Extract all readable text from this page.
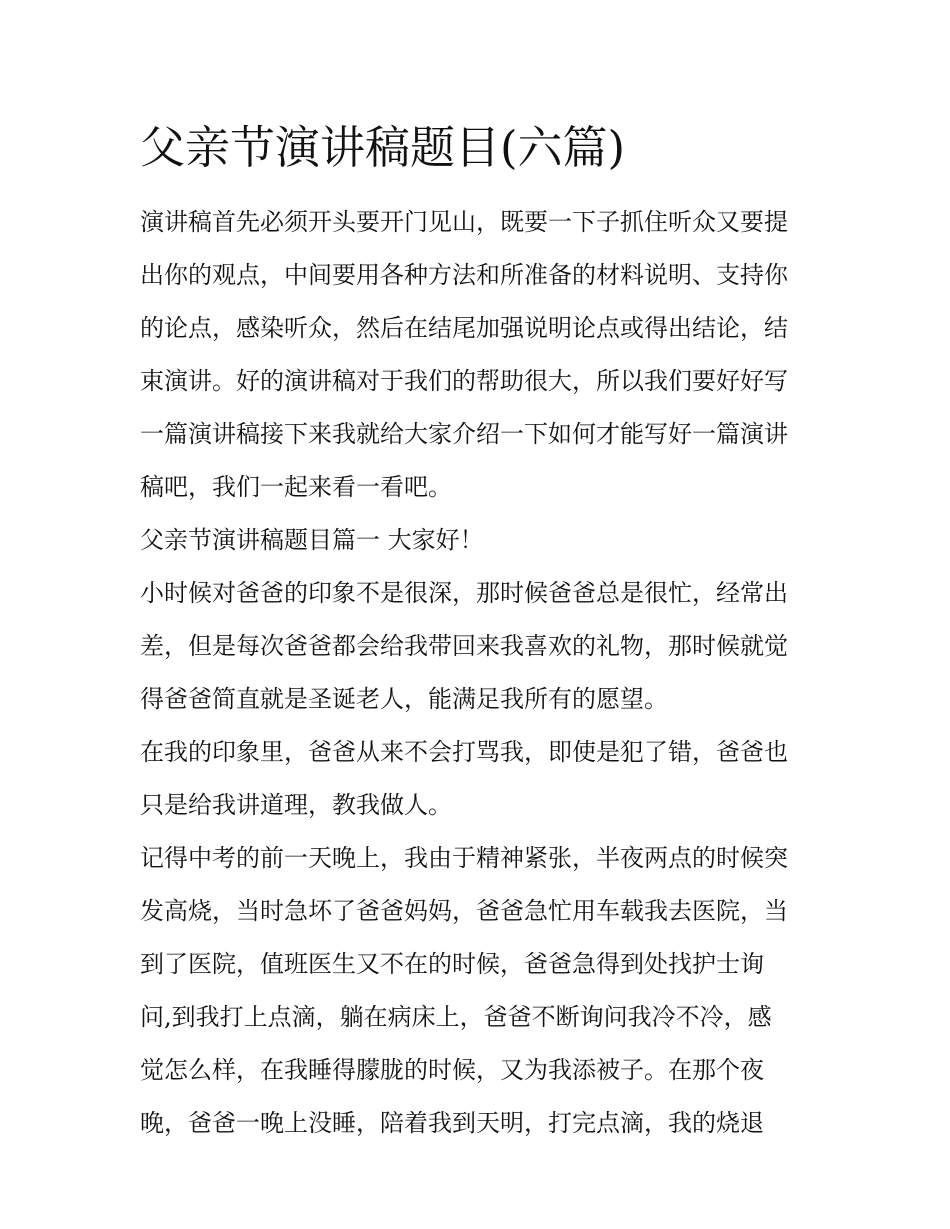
父亲节演讲稿题目(六篇)
演讲稿首先必须开头要开门见山，既要一下子抓住听众又要提
出你的观点，中间要用各种方法和所准备的材料说明、支持你
的论点，感染听众，然后在结尾加强说明论点或得出结论，结
束演讲。好的演讲稿对于我们的帮助很大，所以我们要好好写
一篇演讲稿接下来我就给大家介绍一下如何才能写好一篇演讲
稿吧，我们一起来看一看吧。
父亲节演讲稿题目篇一 大家好！
小时候对爸爸的印象不是很深，那时候爸爸总是很忙，经常出
差，但是每次爸爸都会给我带回来我喜欢的礼物，那时候就觉
得爸爸简直就是圣诞老人，能满足我所有的愿望。
在我的印象里，爸爸从来不会打骂我，即使是犯了错，爸爸也
只是给我讲道理，教我做人。
记得中考的前一天晚上，我由于精神紧张，半夜两点的时候突
发高烧，当时急坏了爸爸妈妈，爸爸急忙用车载我去医院，当
到了医院，值班医生又不在的时候，爸爸急得到处找护士询
问,到我打上点滴，躺在病床上，爸爸不断询问我冷不冷，感
觉怎么样，在我睡得朦胧的时候，又为我添被子。在那个夜
晚，爸爸一晚上没睡，陪着我到天明，打完点滴，我的烧退
